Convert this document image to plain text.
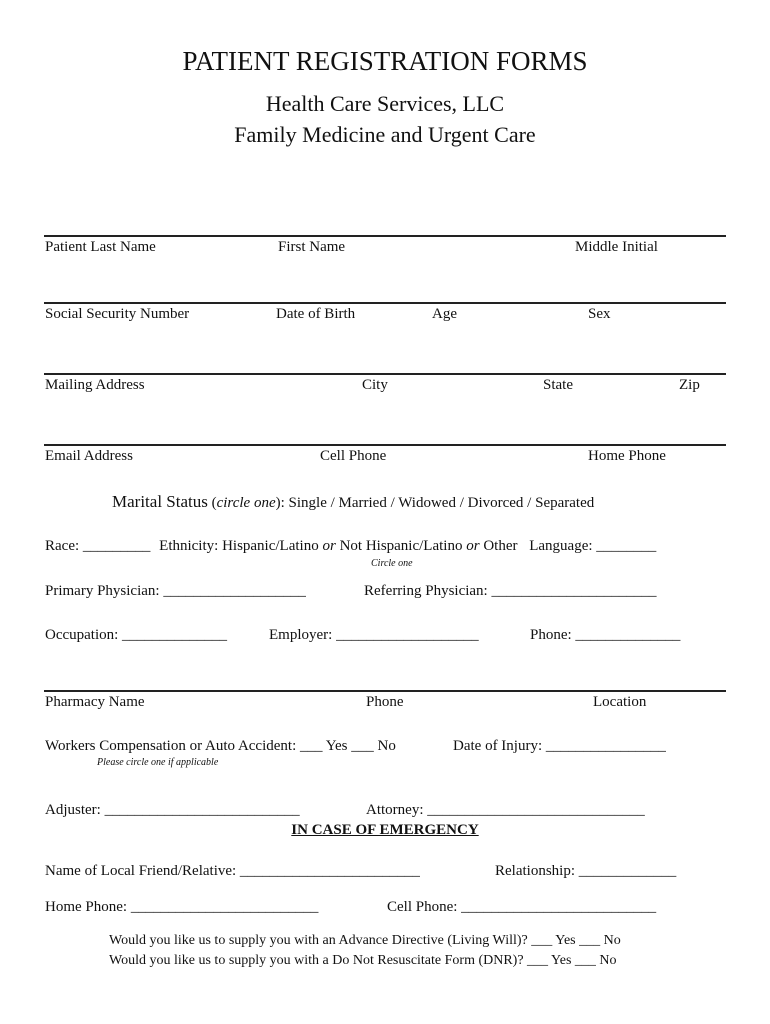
PATIENT REGISTRATION FORMS
Health Care Services, LLC
Family Medicine and Urgent Care
Patient Last Name	First Name	Middle Initial
Social Security Number	Date of Birth	Age	Sex
Mailing Address	City	State	Zip
Email Address	Cell Phone	Home Phone
Marital Status (circle one): Single / Married / Widowed / Divorced / Separated
Race: _________ Ethnicity: Hispanic/Latino or Not Hispanic/Latino or Other Language: ________
Circle one
Primary Physician: ___________________	Referring Physician: ______________________
Occupation: ______________	Employer: ___________________	Phone: ______________
Pharmacy Name	Phone	Location
Workers Compensation or Auto Accident: ___ Yes ___ No	Date of Injury: ________________
Please circle one if applicable
Adjuster: __________________________	Attorney: _____________________________
IN CASE OF EMERGENCY
Name of Local Friend/Relative: ________________________	Relationship: _____________
Home Phone: _________________________	Cell Phone: __________________________
Would you like us to supply you with an Advance Directive (Living Will)? ___ Yes ___ No
Would you like us to supply you with a Do Not Resuscitate Form (DNR)? ___ Yes ___ No
